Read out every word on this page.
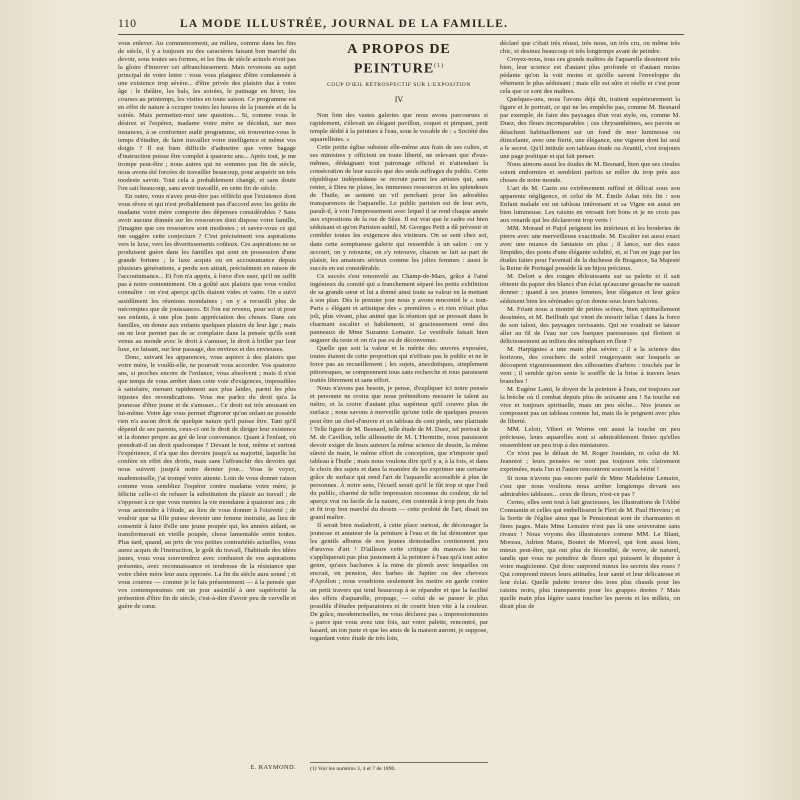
110	LA MODE ILLUSTRÉE, JOURNAL DE LA FAMILLE.

vous enlever. Au commencement, au milieu, comme dans les fins de siècle, il y a toujours eu des caractères faisant bon marché du devoir, sous toutes ses formes, et les fins de siècle actuels n'ont pas la gloire d'innover cet affranchissement. Mais revenons au sujet principal de votre lettre : vous vous plaignez d'être condamnée à une existence trop sévère... d'être privée des plaisirs dus à votre âge : le théâtre, les bals, les soirées, le patinage en hiver, les courses au printemps, les visites en toute saison. Ce programme est en effet de nature à occuper toutes les heures de la journée et de la soirée. Mais permettez-moi une question... Si, comme vous le désirez et l'espérez, madame votre mère se décidait, sur mes instances, à se conformer audit programme, où trouveriez-vous le temps d'étudier, de faire travailler votre intelligence et même vos doigts ? Il est bien difficile d'admettre que votre bagage d'instruction puisse être complet à quatorze ans... Après tout, je me trompe peut-être ; nous autres qui ne sommes pas fin de siècle, nous avons été forcées de travailler beaucoup, pour acquérir un très modeste savoir. Tout cela a probablement changé, et sans doute l'on sait beaucoup, sans avoir travaillé, en cette fin de siècle.

En outre, vous n'avez peut-être pas réfléchi que l'existence dont vous rêvez et qui n'est probablement pas d'accord avec les goûts de madame votre mère comporte des dépenses considérables ? Sans avoir aucune donnée sur les ressources dont dispose votre famille, j'imagine que ces ressources sont modestes ; et savez-vous ce qui me suggère cette conjecture ? C'est précisément vos aspirations vers le luxe, vers les divertissements coûteux. Ces aspirations ne se produisent guère dans les familles qui sont en possession d'une grande fortune ; le luxe acquis ou en accoutumance depuis plusieurs générations, a perdu son attrait, précisément en raison de l'accoutumance... Et l'on n'a appris, à force d'en user, qu'il ne suffit pas à notre contentement. On a goûté aux plaisirs que vous voulez connaître : on s'est aperçu qu'ils étaient vides et vains. On a suivi assidûment les réunions mondaines ; on y a recueilli plus de mécomptes que de jouissances. Et l'on est revenu, pour soi et pour ses enfants, à une plus juste appréciation des choses. Dans ces familles, on donne aux enfants quelques plaisirs de leur âge ; mais on ne leur permet pas de se complaire dans la pensée qu'ils sont venus au monde avec le droit à s'amuser, le droit à briller par leur luxe, en faisant, sur leur passage, des envieux et des envieuses.

Donc, suivant les apparences, vous aspirez à des plaisirs que votre mère, le voulût-elle, ne pourrait vous accorder. Vos quatorze ans, si proches encore de l'enfance, vous absolvent ; mais il n'est que temps de vous arrêter dans cette voie d'exigences, impossibles à satisfaire, menant rapidement aux plus laides, parmi les plus injustes des revendications. Vous me parlez du droit qu'a la jeunesse d'être jeune et de s'amuser... Ce droit est très amusant en lui-même. Votre âge vous permet d'ignorer qu'un enfant ne possède rien n'a aucun droit de quelque nature qu'il puisse être. Tant qu'il dépend de ses parents, ceux-ci ont le droit de diriger leur existence et la donner propre au gré de leur convenance. Quant à l'enfant, où prendrait-il un droit quelconque ? Devant le tout, même et surtout l'expérience, il n'a que des devoirs jusqu'à sa majorité, laquelle lui confère en effet des droits, mais sans l'affranchir des devoirs qui nous suivent jusqu'à notre dernier jour... Vous le voyez, mademoiselle, j'ai trompé votre attente. Loin de vous donner raison comme vous sembliez l'espérer contre madame votre mère, je félicite celle-ci de refuser la substitution du plaisir au travail ; de s'opposer à ce que vous meniez la vie mondaine à quatorze ans ; de vous astreindre à l'étude, au lieu de vous donner à l'oisiveté ; de vouloir que sa fille puisse devenir une femme instruite, au lieu de consentir à faire d'elle une jeune poupée qui, les années aidant, se transformerait en vieille poupée, chose lamentable entre toutes. Plus tard, quand, au prix de vos petites contrariétés actuelles, vous aurez acquis de l'instruction, le goût du travail, l'habitude des idées justes, vous vous souviendrez avec confusion de vos aspirations présentes, avec reconnaissance et tendresse de la résistance que votre chère mère leur aura opposée. La fin du siècle aura sonné ; et vous courrez — comme je le fais présentement — à la pensée que vos contemporaines ont un jour assimilé à une supériorité la prétention d'être fin de siècle, c'est-à-dire d'avoir peu de cervelle et guère de cœur.

E. RAYMOND.
A PROPOS DE PEINTURE$^{(1)}$
COUP D'ŒIL RÉTROSPECTIF SUR L'EXPOSITION
IV

Non loin des vastes galeries que nous avons parcourues si rapidement, s'élevait un élégant pavillon, coquet et pimpant, petit temple dédié à la peinture à l'eau, sous le vocable de : « Société des aquarellistes. »

Cette petite église subsiste elle-même aux frais de ses cultes, et ses ministres y officient en toute liberté, ne relevant que d'eux-mêmes, dédaignant tout patronage officiel et n'attendant la consécration de leur succès que des seuls suffrages du public. Cette république indépendante se recrute parmi les artistes qui, sans renier, à Dieu ne plaise, les immenses ressources et les splendeurs de l'huile, se sentent un vif penchant pour les adorables transparences de l'aquarelle. Le public parisien est de leur avis, paraît-il, à voir l'empressement avec lequel il se rend chaque année aux expositions de la rue de Sèze. Il est vrai que le cadre est bien séduisant et qu'on Parisien subtil, M. Georges Petit a dû prévenir et combler toutes les exigences des visiteurs. On se sent chez soi, dans cette somptueuse galerie qui ressemble à un salon : on y accourt, on y retourne, on s'y retrouve, chacun se fait sa part de plaisir, les amateurs sérieux comme les jolies femmes : aussi le succès en est considérable.

Ce succès s'est renouvelé au Champ-de-Mars, grâce à l'ainé ingénieux du comité qui a franchement séparé les petits exhibition de sa grande sœur et lui a donné ainsi toute sa valeur en la mettant à son plan. Dès le premier jour nous y avons rencontré le « tout-Paris » élégant et artistique des « premières » et rien n'était plus joli, plus vivant, plus animé que la réunion qui se pressait dans le charmant escalier si habilement, si gracieusement orné des panneaux de Mme Suzanne Lemaire. Le vestibule faisait bien augurer du reste et on n'a pas eu de déconvenue.

Quelle que soit la valeur et le mérite des œuvres exposées, toutes étaient de cette proportion qui n'effraie pas le public et ne le force pas au recueillement ; les sujets, anecdotiques, simplement pittoresques, se comprennent tous sans recherche et tous paraissent traités librement et sans effort.

Nous n'avons pas besoin, je pense, d'expliquer ici notre pensée et personne ne croira que nous prétendions mesurer le talent au mètre, et la croire d'autant plus supérieur qu'il couvre plus de surface ; nous savons à merveille qu'une toile de quelques pouces peut être un chef-d'œuvre et un tableau de cent pieds, une platitude ! Telle figure de M. Besnard, telle étude de M. Duez, tel portrait de M. de Cavillon, telle silhouette de M. L'Hermitte, nous paraissent devoir exiger de leurs auteurs la même science de dessin, la même sûreté de main, le même effort de conception, que n'importe quel tableau à l'huile ; mais nous voulons dire qu'il y a, à la fois, et dans le choix des sujets et dans la manière de les exprimer une certaine grâce de surface qui rend l'art de l'aquarelle accessible à plus de personnes. À notre sens, l'écueil serait qu'il le fût trop et que l'œil du public, charmé de telle impression reconnue du couleur, de tel aperçu vrai ou facile de la nature, s'en contentât à trop peu de frais et fit trop bon marché du dessin — cette probité de l'art, disait un grand maître.

Il serait bien maladroit, à cette place surtout, de décourager la jeunesse et amateur de la peinture à l'eau et de lui démontrer que les gentils albums de nos jeunes demoiselles contiennent peu d'œuvres d'art ! D'ailleurs cette critique du mauvais lui ne s'appliquerait pas plus justement à la peinture à l'eau qu'à tout autre genre, qu'aux hachures à la mine de plomb avec lesquelles on encrait, en pension, des barbes de Jupiter ou des cheveux d'Apollon ; nous voudrions seulement les mettre en garde contre un petit travers qui tend beaucoup à se répandre et que la facilité des effets d'aquarelle, propage, — celui de se passer le plus possible d'études préparatoires et de courir bien vite à la couleur. De grâce, mesdemoiselles, ne vous déclarez pas « impressionnistes » parce que vous avez une fois, sur votre palette, rencontré, par hasard, un ton juste et que les amis de la maison auront, je suppose, regardant votre étude de très loin,

(1) Voir les numéros 3, 4 et 7 de 1890.

déclaré que c'était très réussi, très nous, un très cru, ou même très chic, et desinez beaucoup et très longtemps avant de peindre.

Croyez-nous, tous ces grands maîtres de l'aquarelle dessinent très bien, leur science est d'autant plus profonde et d'autant moins pédante qu'on la voit moins et qu'elle savent l'enveloppe du vêtement le plus séduisant ; mais elle est sûre et réelle et c'est pour cela que ce sont des maîtres.

Quelques-uns, nous l'avons déjà dit, traitent supérieurement la figure et le portrait, ce qui ne les empêche pas, comme M. Besnard par exemple, de faire des paysages d'un vrai style, ou, comme M. Duez, des fleurs incomparables ; ces chrysanthèmes, ses pavots se détachent habituellement sur un fond de mer lumineuse ou étincelante, avec une fierté, une élégance, une vigueur dont lui seul a le secret. Qu'il intitule son tableau étude ou Avantil, c'est toujours une page poétique et qui fait penser.

Nous aimons aussi les études de M. Besnard, bien que ses cieules soient endormies et semblent parfois se mêler du trop près aux choses de notre monde.

L'art de M. Cazin est extrêmement raffiné et délicat sous son apparente négligence, et celui de M. Émile Adan très fin : son Enfant malade est un tableau intéressant et sa Vigne est aussi un bien lumineuse. Les raisins en versant fort bons et je ne crois pas aux renards qui les déclareront trop verts !

MM. Morand et Pujol peignent les intérieurs et les broderies de pierre avec une merveilleuse exactitude. M. Escalier est aussi exact avec une nuance de fantaisie en plus ; il lance, sur des eaux limpides, des ponts d'une élégante solidité, et, si l'on en juge par les études faites pour l'aventail de la duchesse de Bragance, Sa Majesté la Reine de Portugal possède là un bijou précieux.

M. Delort a des rouges éblouissants sur sa palette et il sait obtenir du papier des blancs d'un éclat qu'aucune gouache ne saurait donner ; quand à ses jeunes femmes, leur élégance et leur grâce séduisent bien les sérénades qu'on donne sous leurs balcons.

M. Friant nous a montré de petites scènes, bien spirituellement dessinées, et M. Beilbuth qui vient de mourir hélas ! dans la force de son talent, des paysages ravissants. Qui ne voudrait se laisser aller au fil de l'eau sur ces barques paresseuses qui flottent si délicieusement au milieu des nénuphars en fleur ?

M. Harpignies a une main plus sévère ; il a la science des horizons, des couchers de soleil rougeoyants sur lesquels se découpent vigoureusement des silhouettes d'arbres : touchés par le vent ; il semble qu'on sente le souffle de la brise à travers leurs branches !

M. Eugène Lami, le doyen de la peinture à l'eau, est toujours sur la brèche où il combat depuis plus de soixante ans ! Sa touche est vive et toujours spirituelle, mais un peu sèche... Nos jeunes se composent pas un tableau comme lui, mais ils le peignent avec plus de liberté.

MM. Leloir, Vibert et Worms ont aussi la touche un peu précieuse, leurs aquarelles sont si admirablement finies qu'elles ressemblent un peu trop à des miniatures.

Ce n'est pas le défaut de M. Roger Jourdain, ni celui de M. Jeanniot ; leurs pensées ne sont pas toujours très clairement exprimées, mais l'un et l'autre rencontrent souvent la vérité !

Si nous n'avons pas encore parlé de Mme Madeleine Lemaire, c'est que nous voulions nous arrêter longtemps devant ses admirables tableaux... ceux de fleurs, n'est-ce pas ?

Certes, elles sont tout à fait gracieuses, les illustrations de l'Abbé Constantin et celles qui embellissent le Fleri de M. Paul Hervieu ; et la Sortie de l'église ainsi que le Pensionnat sont de charmantes et fines pages. Mais Mme Lemaire n'est pas là une souveraine sans rivaux ! Nous voyons des illustrateurs comme MM. Le Blant, Moreau, Adrien Marie, Boutet de Monvel, qui font aussi bien, mieux peut-être, qui ont plus de fécondité, de verve, de naturel, tandis que vous ne peindrez de fleurs qui puissent le disputer à votre magicienne. Qui donc surprend mieux les secrets des roses ? Qui comprend mieux leurs attitudes, leur santé et leur délicatesse et leur éclat. Quelle palette trouve des tons plus chauds pour les raisins noirs, plus transparents pour les grappes dorées ? Mais quelle main plus légère saura toucher les pavots et les œillets, on dirait plus de
